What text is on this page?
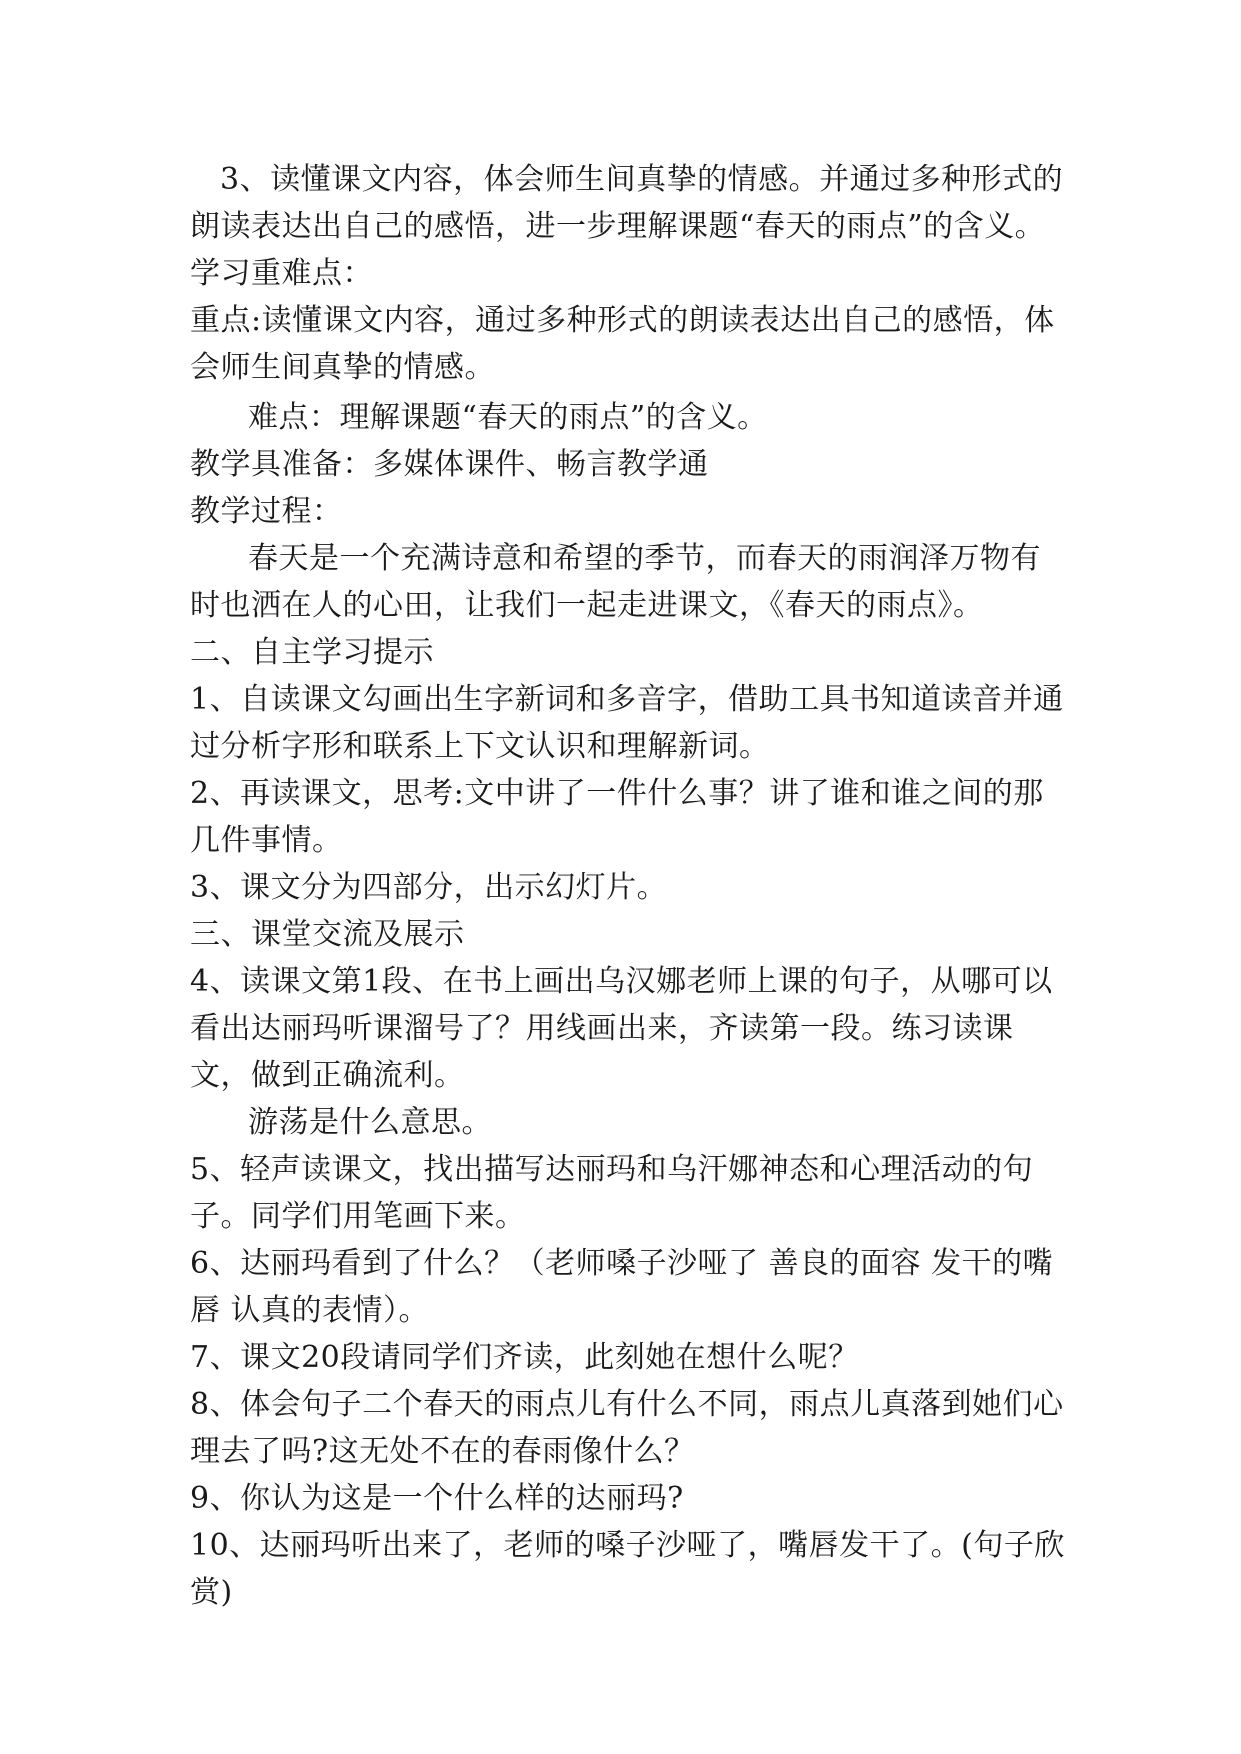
3、读懂课文内容，体会师生间真挚的情感。并通过多种形式的朗读表达出自己的感悟，进一步理解课题“春天的雨点”的含义。

学习重难点：

重点:读懂课文内容，通过多种形式的朗读表达出自己的感悟，体会师生间真挚的情感。

难点：理解课题“春天的雨点”的含义。

教学具准备：多媒体课件、畅言教学通

教学过程：

春天是一个充满诗意和希望的季节，而春天的雨润泽万物有时也洒在人的心田，让我们一起走进课文，《春天的雨点》。

二、自主学习提示

1、自读课文勾画出生字新词和多音字，借助工具书知道读音并通过分析字形和联系上下文认识和理解新词。

2、再读课文，思考:文中讲了一件什么事？讲了谁和谁之间的那几件事情。

3、课文分为四部分，出示幻灯片。

三、课堂交流及展示

4、读课文第1段、在书上画出乌汉娜老师上课的句子，从哪可以看出达丽玛听课溜号了？用线画出来，齐读第一段。练习读课文，做到正确流利。

游荡是什么意思。

5、轻声读课文，找出描写达丽玛和乌汗娜神态和心理活动的句子。同学们用笔画下来。

6、达丽玛看到了什么？（老师嗓子沙哑了 善良的面容 发干的嘴唇 认真的表情）。

7、课文20段请同学们齐读，此刻她在想什么呢？

8、体会句子二个春天的雨点儿有什么不同，雨点儿真落到她们心理去了吗?这无处不在的春雨像什么？

9、你认为这是一个什么样的达丽玛?

10、达丽玛听出来了，老师的嗓子沙哑了，嘴唇发干了。(句子欣赏)
